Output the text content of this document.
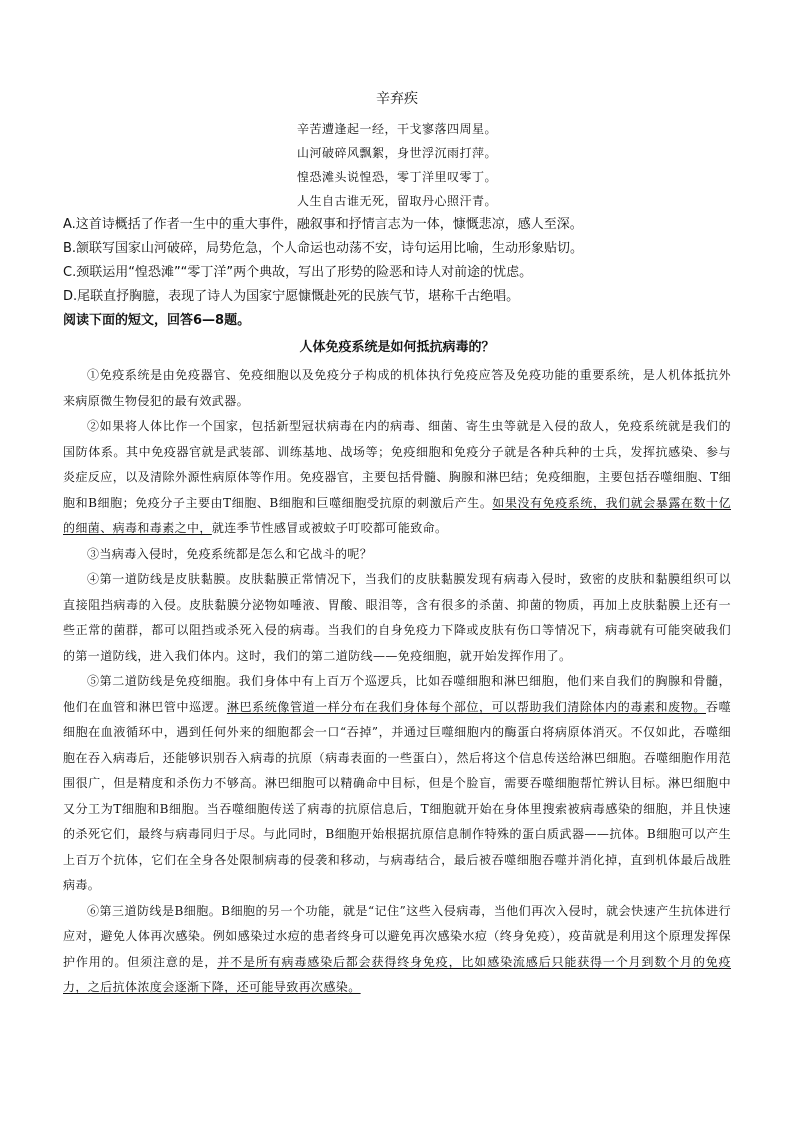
辛弃疾
辛苦遭逢起一经，干戈寥落四周星。
山河破碎风飘絮，身世浮沉雨打萍。
惶恐滩头说惶恐，零丁洋里叹零丁。
人生自古谁无死，留取丹心照汗青。
A.这首诗概括了作者一生中的重大事件，融叙事和抒情言志为一体，慷慨悲凉，感人至深。
B.颔联写国家山河破碎，局势危急，个人命运也动荡不安，诗句运用比喻，生动形象贴切。
C.颈联运用“惶恐滩”“零丁洋”两个典故，写出了形势的险恶和诗人对前途的忧虑。
D.尾联直抒胸臆，表现了诗人为国家宁愿慷慨赴死的民族气节，堪称千古绝唱。
阅读下面的短文，回答6—8题。
人体免疫系统是如何抵抗病毒的？

①免疫系统是由免疫器官、免疫细胞以及免疫分子构成的机体执行免疫应答及免疫功能的重要系统，是人机体抵抗外来病原微生物侵犯的最有效武器。

②如果将人体比作一个国家，包括新型冠状病毒在内的病毒、细菌、寄生虫等就是入侵的敌人，免疫系统就是我们的国防体系。其中免疫器官就是武装部、训练基地、战场等；免疫细胞和免疫分子就是各种兵种的士兵，发挥抗感染、参与炎症反应，以及清除外源性病原体等作用。免疫器官，主要包括骨髓、胸腺和淋巴结；免疫细胞，主要包括吞噬细胞、T细胞和B细胞；免疫分子主要由T细胞、B细胞和巨噬细胞受抗原的刺激后产生。如果没有免疫系统，我们就会暴露在数十亿的细菌、病毒和毒素之中，就连季节性感冒或被蚊子叮咬都可能致命。

③当病毒入侵时，免疫系统都是怎么和它战斗的呢？

④第一道防线是皮肤黏膜。皮肤黏膜正常情况下，当我们的皮肤黏膜发现有病毒入侵时，致密的皮肤和黏膜组织可以直接阻挡病毒的入侵。皮肤黏膜分泌物如唾液、胃酸、眼泪等，含有很多的杀菌、抑菌的物质，再加上皮肤黏膜上还有一些正常的菌群，都可以阻挡或杀死入侵的病毒。当我们的自身免疫力下降或皮肤有伤口等情况下，病毒就有可能突破我们的第一道防线，进入我们体内。这时，我们的第二道防线——免疫细胞，就开始发挥作用了。

⑤第二道防线是免疫细胞。我们身体中有上百万个巡逻兵，比如吞噬细胞和淋巴细胞，他们来自我们的胸腺和骨髓，他们在血管和淋巴管中巡逻。淋巴系统像管道一样分布在我们身体每个部位，可以帮助我们清除体内的毒素和废物。吞噬细胞在血液循环中，遇到任何外来的细胞都会一口“吞掉”，并通过巨噬细胞内的酶蛋白将病原体消灭。不仅如此，吞噬细胞在吞入病毒后，还能够识别吞入病毒的抗原（病毒表面的一些蛋白），然后将这个信息传送给淋巴细胞。吞噬细胞作用范围很广，但是精度和杀伤力不够高。淋巴细胞可以精确命中目标，但是个脸盲，需要吞噬细胞帮忙辨认目标。淋巴细胞中又分工为T细胞和B细胞。当吞噬细胞传送了病毒的抗原信息后，T细胞就开始在身体里搜索被病毒感染的细胞，并且快速的杀死它们，最终与病毒同归于尽。与此同时，B细胞开始根据抗原信息制作特殊的蛋白质武器——抗体。B细胞可以产生上百万个抗体，它们在全身各处限制病毒的侵袭和移动，与病毒结合，最后被吞噬细胞吞噬并消化掉，直到机体最后战胜病毒。

⑥第三道防线是B细胞。B细胞的另一个功能，就是“记住”这些入侵病毒，当他们再次入侵时，就会快速产生抗体进行应对，避免人体再次感染。例如感染过水痘的患者终身可以避免再次感染水痘（终身免疫），疫苗就是利用这个原理发挥保护作用的。但须注意的是，并不是所有病毒感染后都会获得终身免疫，比如感染流感后只能获得一个月到数个月的免疫力，之后抗体浓度会逐渐下降，还可能导致再次感染。
